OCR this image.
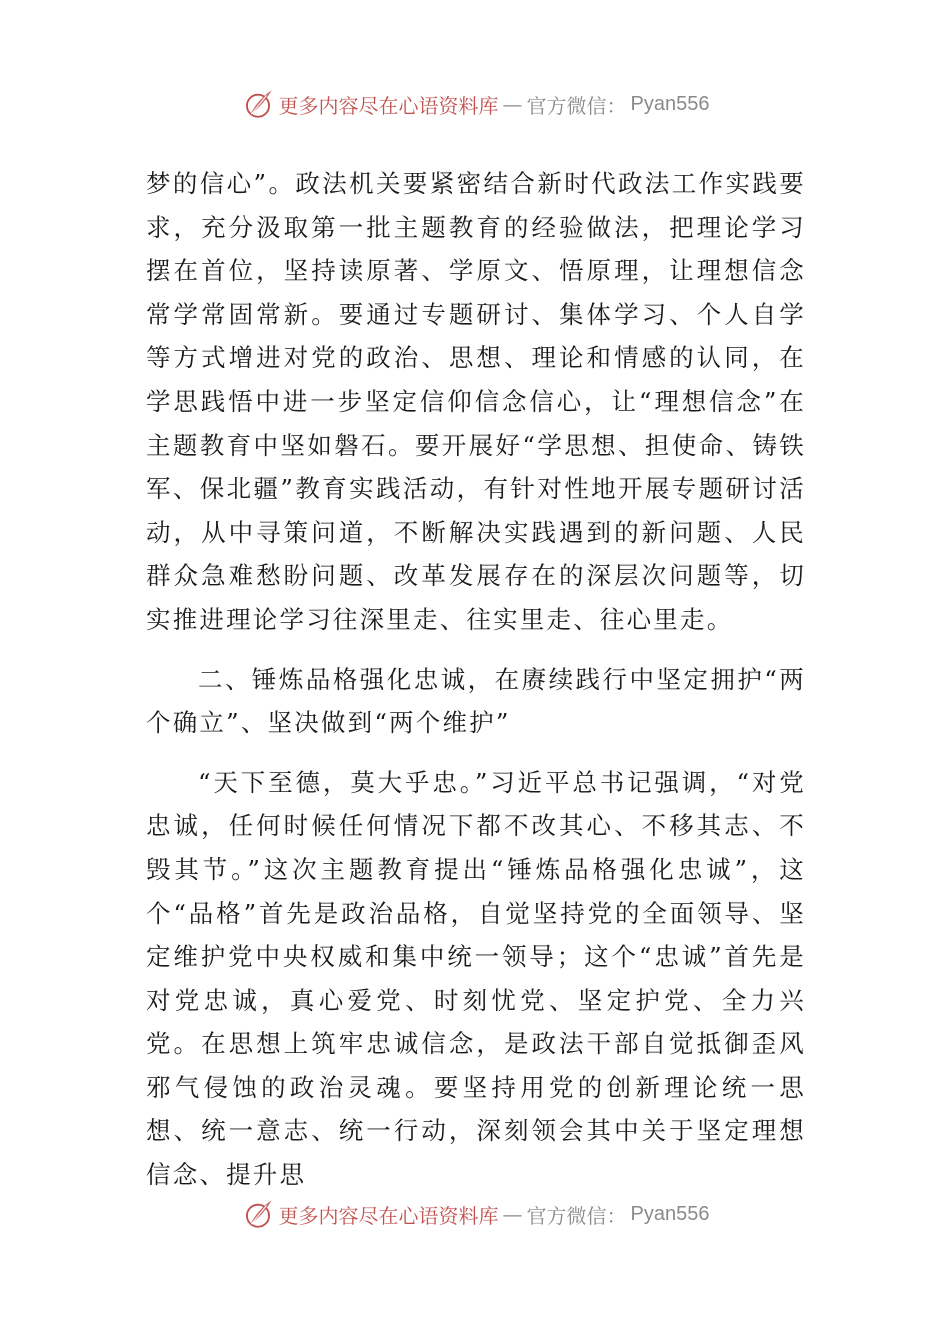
更多内容尽在心语资料库 — 官方微信： Pyan556

梦的信心”。政法机关要紧密结合新时代政法工作实践要求，充分汲取第一批主题教育的经验做法，把理论学习摆在首位，坚持读原著、学原文、悟原理，让理想信念常学常固常新。要通过专题研讨、集体学习、个人自学等方式增进对党的政治、思想、理论和情感的认同，在学思践悟中进一步坚定信仰信念信心，让“理想信念”在主题教育中坚如磐石。要开展好“学思想、担使命、铸铁军、保北疆”教育实践活动，有针对性地开展专题研讨活动，从中寻策问道，不断解决实践遇到的新问题、人民群众急难愁盼问题、改革发展存在的深层次问题等，切实推进理论学习往深里走、往实里走、往心里走。

二、锤炼品格强化忠诚，在赓续践行中坚定拥护“两个确立”、坚决做到“两个维护”

“天下至德，莫大乎忠。”习近平总书记强调，“对党忠诚，任何时候任何情况下都不改其心、不移其志、不毁其节。”这次主题教育提出“锤炼品格强化忠诚”，这个“品格”首先是政治品格，自觉坚持党的全面领导、坚定维护党中央权威和集中统一领导；这个“忠诚”首先是对党忠诚，真心爱党、时刻忧党、坚定护党、全力兴党。在思想上筑牢忠诚信念，是政法干部自觉抵御歪风邪气侵蚀的政治灵魂。要坚持用党的创新理论统一思想、统一意志、统一行动，深刻领会其中关于坚定理想信念、提升思

更多内容尽在心语资料库 — 官方微信： Pyan556
